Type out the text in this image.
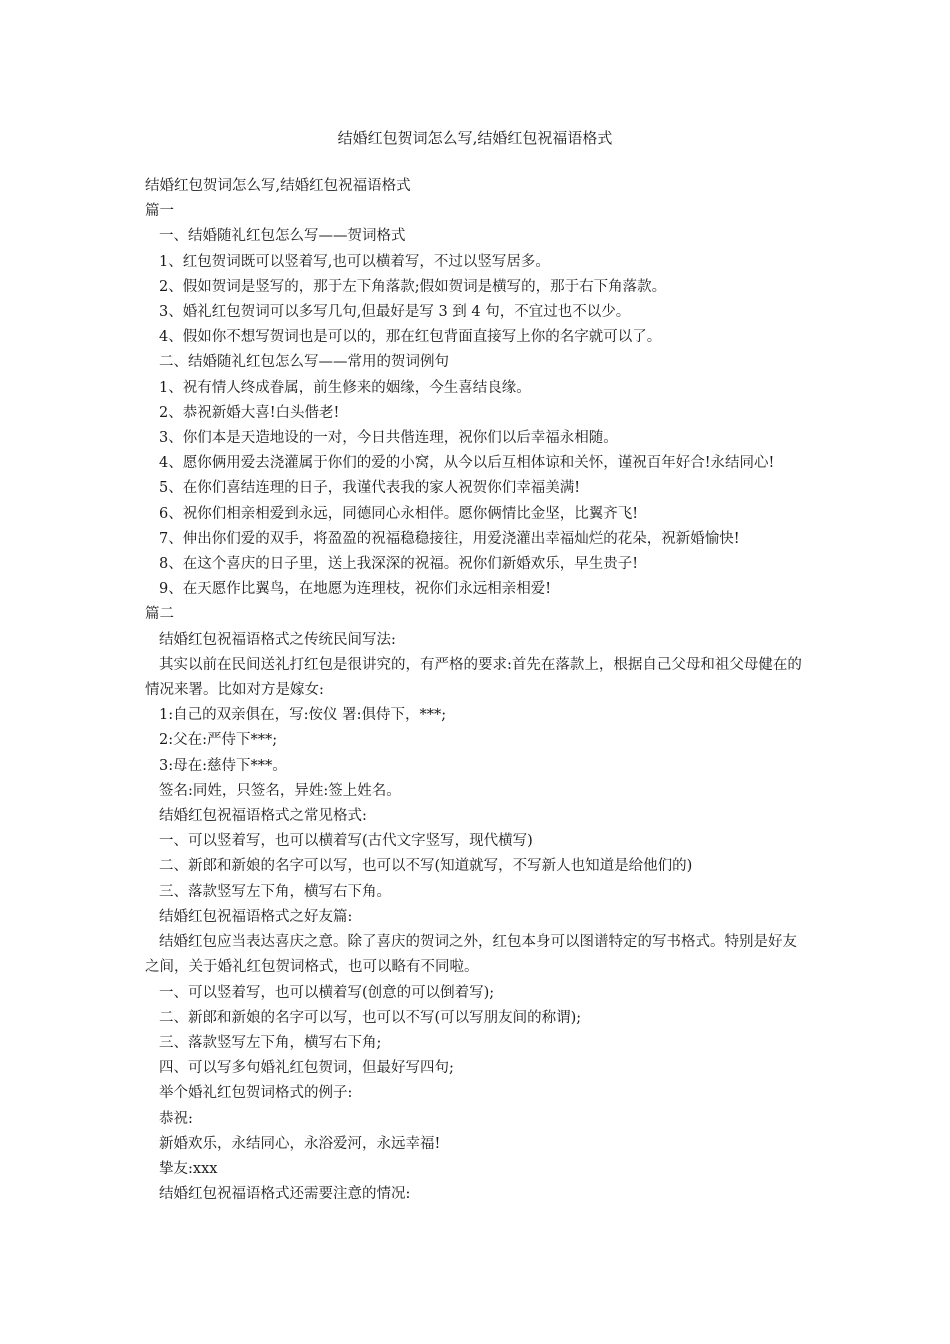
结婚红包贺词怎么写,结婚红包祝福语格式

结婚红包贺词怎么写,结婚红包祝福语格式

篇一

一、结婚随礼红包怎么写——贺词格式

1、红包贺词既可以竖着写,也可以横着写，不过以竖写居多。

2、假如贺词是竖写的，那于左下角落款;假如贺词是横写的，那于右下角落款。

3、婚礼红包贺词可以多写几句,但最好是写 3 到 4 句，不宜过也不以少。

4、假如你不想写贺词也是可以的，那在红包背面直接写上你的名字就可以了。

二、结婚随礼红包怎么写——常用的贺词例句

1、祝有情人终成眷属，前生修来的姻缘，今生喜结良缘。

2、恭祝新婚大喜!白头偕老!

3、你们本是天造地设的一对，今日共偕连理，祝你们以后幸福永相随。

4、愿你俩用爱去浇灌属于你们的爱的小窝，从今以后互相体谅和关怀，谨祝百年好合!永结同心!

5、在你们喜结连理的日子，我谨代表我的家人祝贺你们幸福美满!

6、祝你们相亲相爱到永远，同德同心永相伴。愿你俩情比金坚，比翼齐飞!

7、伸出你们爱的双手，将盈盈的祝福稳稳接往，用爱浇灌出幸福灿烂的花朵，祝新婚愉快!

8、在这个喜庆的日子里，送上我深深的祝福。祝你们新婚欢乐，早生贵子!

9、在天愿作比翼鸟，在地愿为连理枝，祝你们永远相亲相爱!

篇二

结婚红包祝福语格式之传统民间写法:

其实以前在民间送礼打红包是很讲究的，有严格的要求:首先在落款上，根据自己父母和祖父母健在的情况来署。比如对方是嫁女:

1:自己的双亲俱在，写:侒仪 署:俱侍下，***;

2:父在:严侍下***;

3:母在:慈侍下***。

签名:同姓，只签名，异姓:签上姓名。

结婚红包祝福语格式之常见格式:

一、可以竖着写，也可以横着写(古代文字竖写，现代横写)

二、新郎和新娘的名字可以写，也可以不写(知道就写，不写新人也知道是给他们的)

三、落款竖写左下角，横写右下角。

结婚红包祝福语格式之好友篇:

结婚红包应当表达喜庆之意。除了喜庆的贺词之外，红包本身可以图谱特定的写书格式。特别是好友之间，关于婚礼红包贺词格式，也可以略有不同啦。

一、可以竖着写，也可以横着写(创意的可以倒着写);

二、新郎和新娘的名字可以写，也可以不写(可以写朋友间的称谓);

三、落款竖写左下角，横写右下角;

四、可以写多句婚礼红包贺词，但最好写四句;

举个婚礼红包贺词格式的例子:

恭祝:

新婚欢乐，永结同心，永浴爱河，永远幸福!

挚友:xxx

结婚红包祝福语格式还需要注意的情况:
